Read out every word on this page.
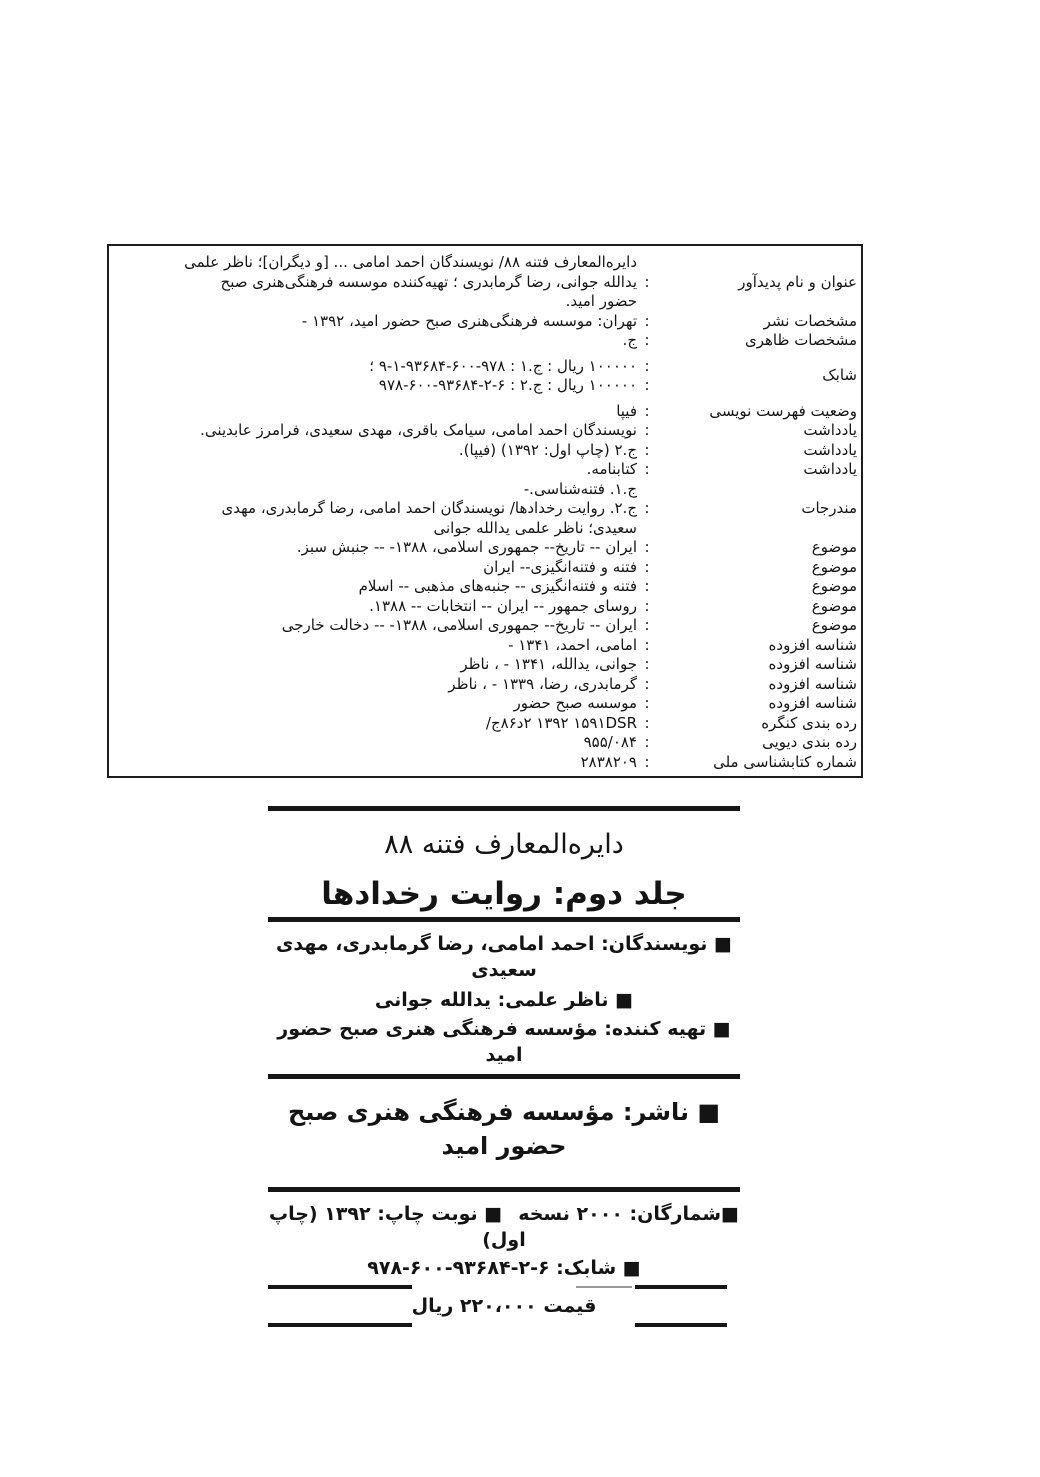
عنوان و نام پديدآور
:
دايره‌المعارف فتنه ۸۸/ نويسندگان احمد امامی ... [و ديگران]؛ ناظر علمی
يدالله جوانی، رضا گرمابدری ؛ تهيه‌کننده موسسه فرهنگی‌هنری صبح
حضور اميد.
مشخصات نشر
:
تهران: موسسه فرهنگی‌هنری صبح حضور اميد، ۱۳۹۲ -
مشخصات ظاهری
:
ج.
شابک
:
:
۱۰۰۰۰۰ ريال : ج.۱ : ۹۷۸-۶۰۰-۹۳۶۸۴-۱-۹ ؛
۱۰۰۰۰۰ ريال : ج.۲ : ۹۷۸-۶۰۰-۹۳۶۸۴-۲-۶
وضعيت فهرست نويسی
:
فيپا
يادداشت
:
نويسندگان احمد امامی، سيامک باقری، مهدی سعيدی، فرامرز عابدينی.
يادداشت
:
ج.۲ (چاپ اول: ۱۳۹۲) (فيپا).
يادداشت
:
کتابنامه.
ج.۱. فتنه‌شناسی.-
مندرجات
:
ج.۲. روايت رخدادها/ نويسندگان احمد امامی، رضا گرمابدری، مهدی
سعيدی؛ ناظر علمی يدالله جوانی
موضوع
:
ايران -- تاريخ-- جمهوری اسلامی، ۱۳۸۸- -- جنبش سبز.
موضوع
:
فتنه و فتنه‌انگيزی-- ايران
موضوع
:
فتنه و فتنه‌انگيزی -- جنبه‌های مذهبی -- اسلام
موضوع
:
روسای جمهور -- ايران -- انتخابات -- ۱۳۸۸.
موضوع
:
ايران -- تاريخ-- جمهوری اسلامی، ۱۳۸۸- -- دخالت خارجی
شناسه افزوده
:
امامی، احمد، ۱۳۴۱ -
شناسه افزوده
:
جوانی، يدالله، ۱۳۴۱ - ، ناظر
شناسه افزوده
:
گرمابدری، رضا، ۱۳۳۹ - ، ناظر
شناسه افزوده
:
موسسه صبح حضور
رده بندی کنگره
:
/ج۸۶د۲ ۱۳۹۲ ۱۵۹۱DSR
رده بندی ديويی
:
۹۵۵/۰۸۴
شماره کتابشناسی ملی
:
۲۸۳۸۲۰۹
دايره‌المعارف فتنه ۸۸
جلد دوم: روايت رخدادها
■ نويسندگان: احمد امامی، رضا گرمابدری، مهدی سعيدی
■ ناظر علمی: يدالله جوانی
■ تهيه کننده: مؤسسه فرهنگی هنری صبح حضور اميد
■ ناشر: مؤسسه فرهنگی هنری صبح حضور اميد
■شمارگان: ۲۰۰۰ نسخه■ نوبت چاپ: ۱۳۹۲ (چاپ اول)
■ شابک: ۹۷۸-۶۰۰-۹۳۶۸۴-۲-۶
قيمت ۲۲۰،۰۰۰ ريال
